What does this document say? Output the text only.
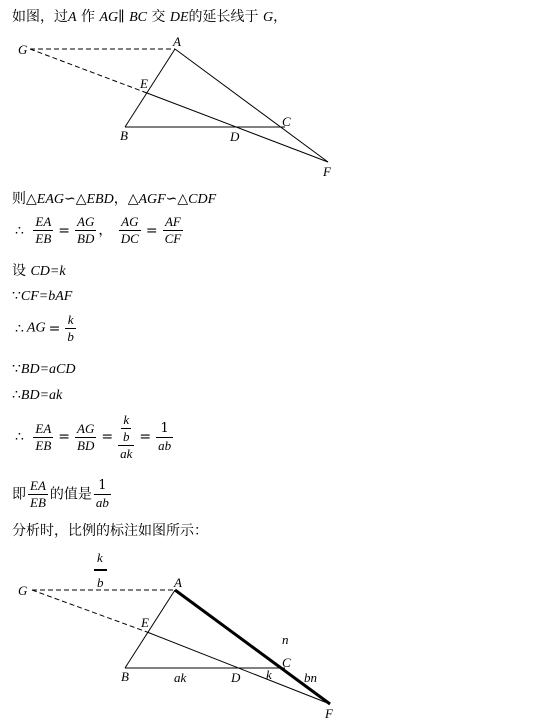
如图，过A 作 AG∥ BC 交 DE的延长线于 G，
G
A
E
B	D
C
F
则△EAG∽△EBD，△AGF∽△CDF
∴ $\frac{EA}{EB} = \frac{AG}{BD}$ ， $\frac{AG}{DC} = \frac{AF}{CF}$
设 CD=k
∵CF=bAF
∴ AG = $\frac{k}{b}$
∵BD=aCD
∴BD=ak
∴ $\frac{EA}{EB} = \frac{AG}{BD} = \frac{\frac{k}{b}}{ak} = \frac{1}{ab}$
即 $\frac{EA}{EB}$ 的值是 $\frac{1}{ab}$
分析时，比例的标注如图所示：
k
b
G
A
E
B	D
C
F
n
ak	k bn
